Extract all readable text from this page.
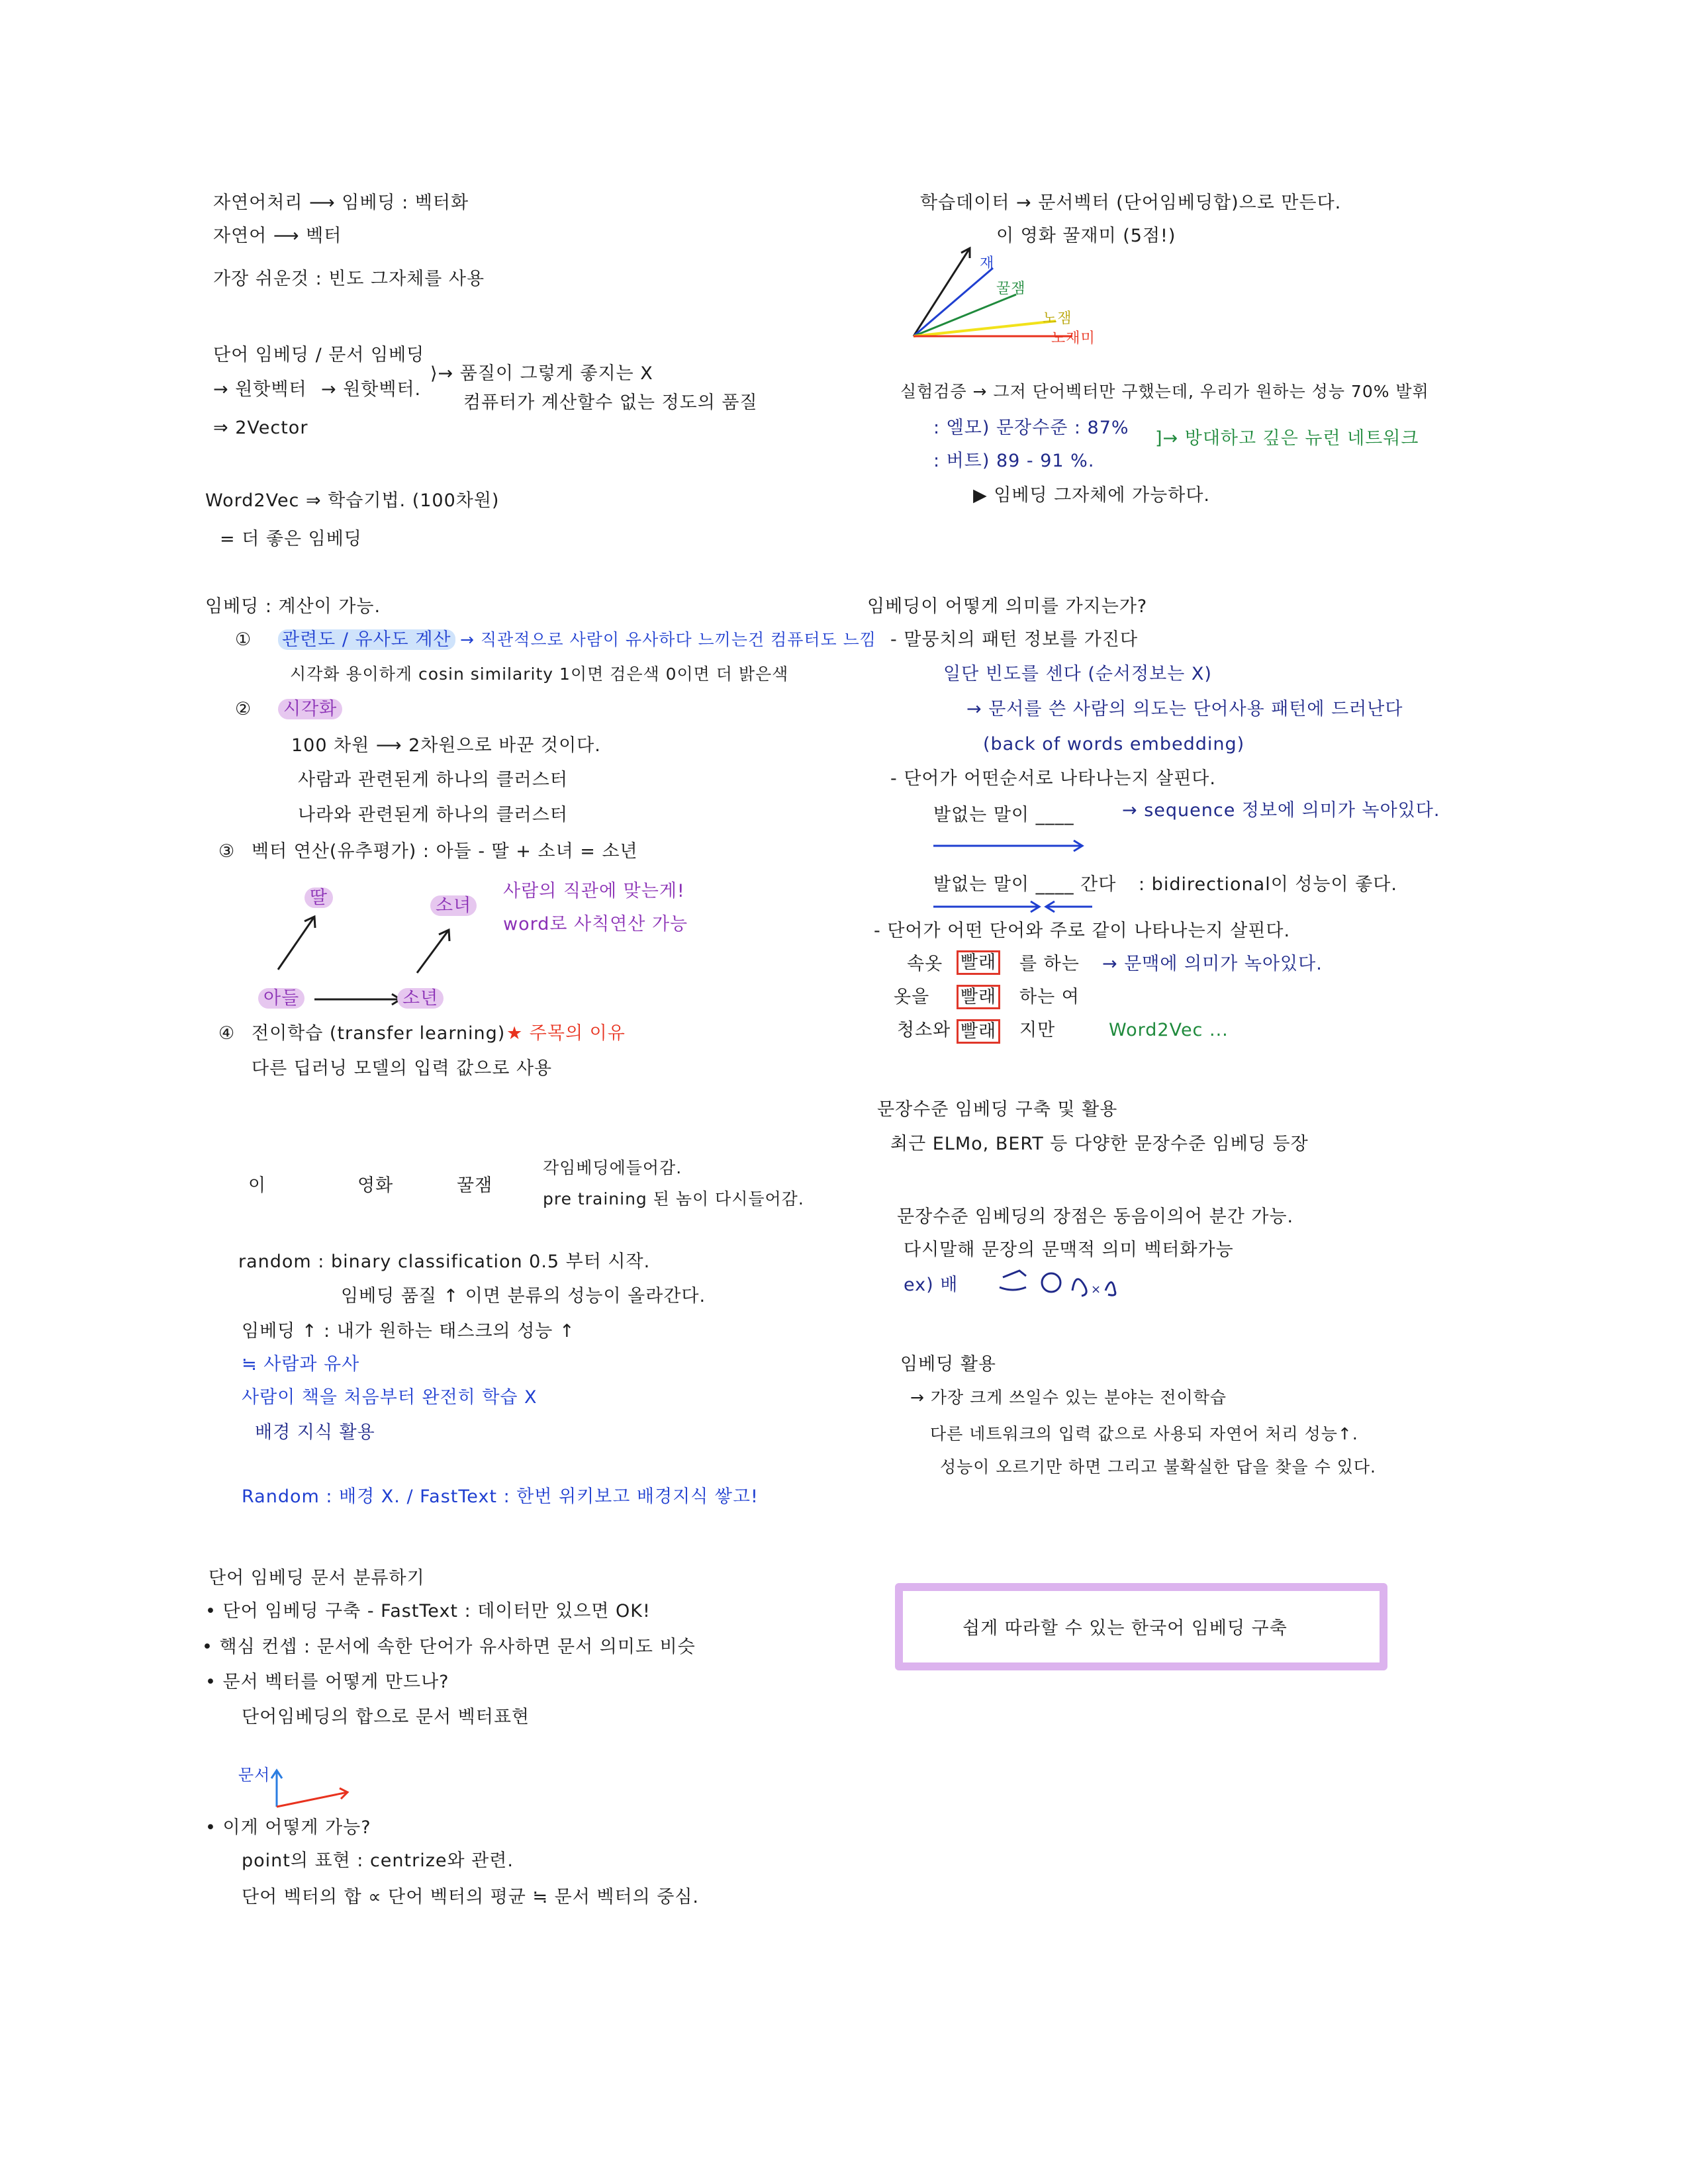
자연어처리 ⟶ 임베딩 : 벡터화
자연어 ⟶ 벡터
가장 쉬운것 : 빈도 그자체를 사용
단어 임베딩 / 문서 임베딩
→ 원핫벡터 → 원핫벡터.
⇒ 2Vector
⟩→ 품질이 그렇게 좋지는 X
컴퓨터가 계산할수 없는 정도의 품질
Word2Vec ⇒ 학습기법. (100차원)
= 더 좋은 임베딩
임베딩 : 계산이 가능.
① 관련도 / 유사도 계산 → 직관적으로 사람이 유사하다 느끼는건 컴퓨터도 느낌
시각화 용이하게 cosin similarity 1이면 검은색 0이면 더 밝은색
② 시각화
100 차원 ⟶ 2차원으로 바꾼 것이다.
사람과 관련된게 하나의 클러스터
나라와 관련된게 하나의 클러스터
③ 벡터 연산(유추평가) : 아들 - 딸 + 소녀 = 소년
사람의 직관에 맞는게!
word로 사칙연산 가능
딸	소녀
아들	소년
④ 전이학습 (transfer learning) ★ 주목의 이유
다른 딥러닝 모델의 입력 값으로 사용
이	영화	꿀잼
각임베딩에들어감.
pre training 된 놈이 다시들어감.
random : binary classification 0.5 부터 시작.
임베딩 품질 ↑ 이면 분류의 성능이 올라간다.
임베딩 ↑ : 내가 원하는 태스크의 성능 ↑
≒ 사람과 유사
사람이 책을 처음부터 완전히 학습 X
배경 지식 활용
Random : 배경 X. / FastText : 한번 위키보고 배경지식 쌓고!
단어 임베딩 문서 분류하기
• 단어 임베딩 구축 - FastText : 데이터만 있으면 OK!
• 핵심 컨셉 : 문서에 속한 단어가 유사하면 문서 의미도 비슷
• 문서 벡터를 어떻게 만드나?
단어임베딩의 합으로 문서 벡터표현
문서
• 이게 어떻게 가능?
point의 표현 : centrize와 관련.
단어 벡터의 합 ∝ 단어 벡터의 평균 ≒ 문서 벡터의 중심.
학습데이터 → 문서벡터 (단어임베딩합)으로 만든다.
이 영화 꿀재미 (5점!)
재
꿀잼
노잼
노재미
실험검증 → 그저 단어벡터만 구했는데, 우리가 원하는 성능 70% 발휘
: 엘모) 문장수준 : 87%
: 버트) 89 - 91 %.
]→ 방대하고 깊은 뉴런 네트워크
▶ 임베딩 그자체에 가능하다.
임베딩이 어떻게 의미를 가지는가?
- 말뭉치의 패턴 정보를 가진다
일단 빈도를 센다 (순서정보는 X)
→ 문서를 쓴 사람의 의도는 단어사용 패턴에 드러난다
(back of words embedding)
- 단어가 어떤순서로 나타나는지 살핀다.
발없는 말이 ____	→ sequence 정보에 의미가 녹아있다.
발없는 말이 ____ 간다 : bidirectional이 성능이 좋다.
- 단어가 어떤 단어와 주로 같이 나타나는지 살핀다.
속옷 빨래 를 하는
옷을 빨래 하는 여
청소와 빨래 지만
→ 문맥에 의미가 녹아있다.
Word2Vec ...
문장수준 임베딩 구축 및 활용
최근 ELMo, BERT 등 다양한 문장수준 임베딩 등장
문장수준 임베딩의 장점은 동음이의어 분간 가능.
다시말해 문장의 문맥적 의미 벡터화가능
ex) 배	×
임베딩 활용
→ 가장 크게 쓰일수 있는 분야는 전이학습
다른 네트워크의 입력 값으로 사용되 자연어 처리 성능↑.
성능이 오르기만 하면 그리고 불확실한 답을 찾을 수 있다.
쉽게 따라할 수 있는 한국어 임베딩 구축
